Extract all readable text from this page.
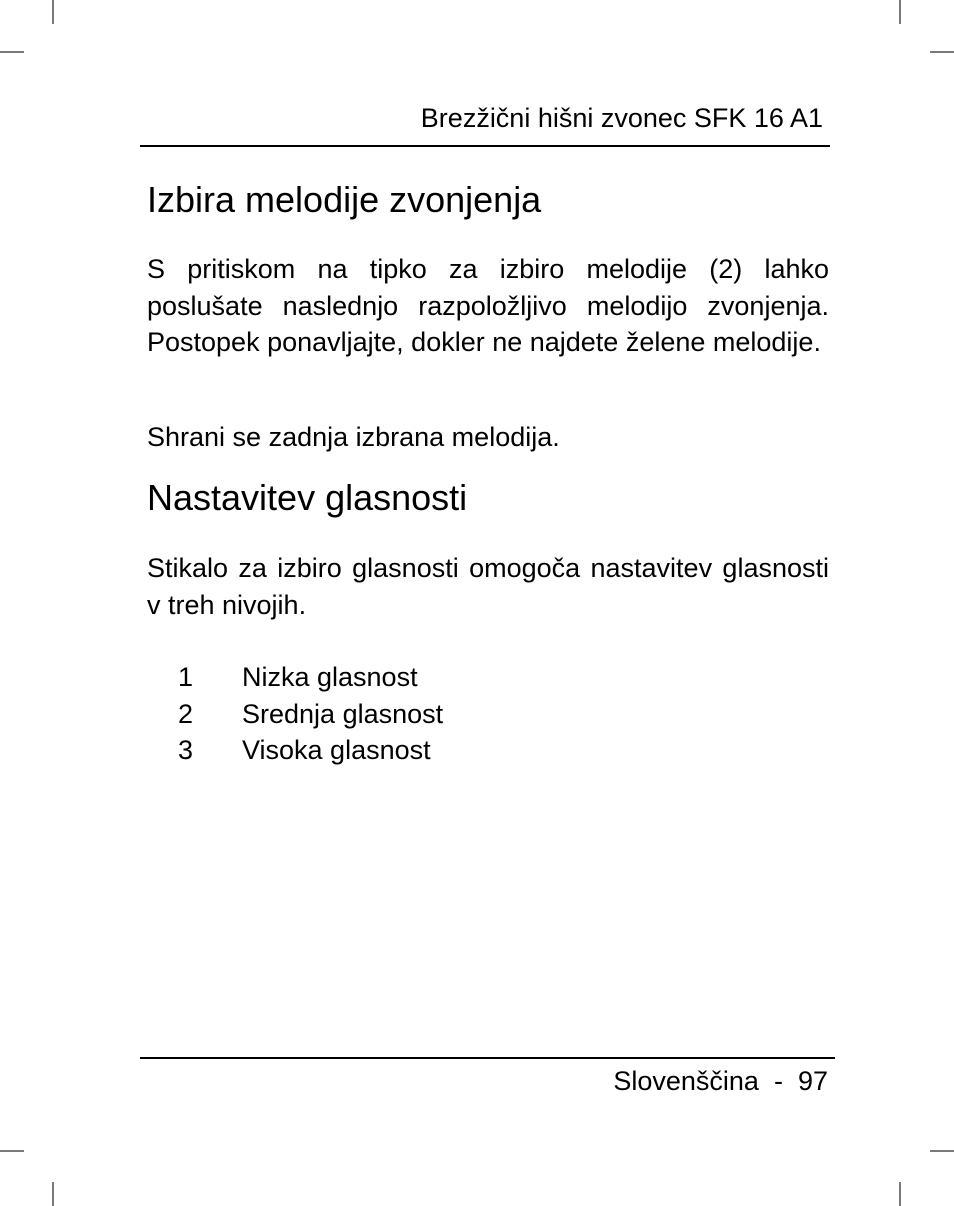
Brezžični hišni zvonec SFK 16 A1
Izbira melodije zvonjenja

S pritiskom na tipko za izbiro melodije (2) lahko poslušate naslednjo razpoložljivo melodijo zvonjenja. Postopek ponavljajte, dokler ne najdete želene melodije.

Shrani se zadnja izbrana melodija.

Nastavitev glasnosti

Stikalo za izbiro glasnosti omogoča nastavitev glasnosti v treh nivojih.

1 Nizka glasnost
2 Srednja glasnost
3 Visoka glasnost
Slovenščina - 97
